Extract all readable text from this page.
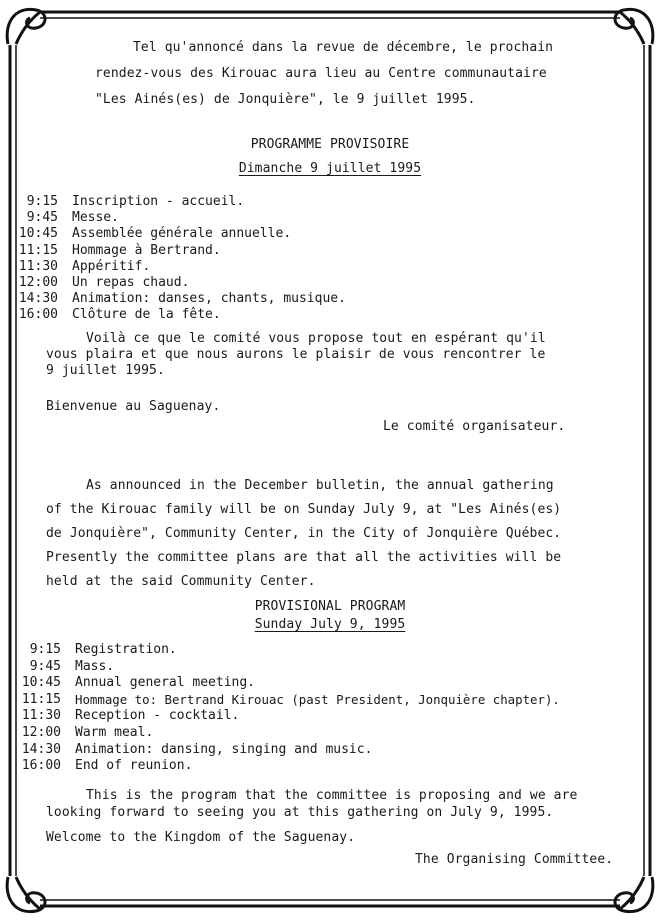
Tel qu'annoncé dans la revue de décembre, le prochain
rendez-vous des Kirouac aura lieu au Centre communautaire
"Les Ainés(es) de Jonquière", le 9 juillet 1995.
PROGRAMME PROVISOIRE
Dimanche 9 juillet 1995
9:15	Inscription - accueil.
9:45	Messe.
10:45	Assemblée générale annuelle.
11:15	Hommage à Bertrand.
11:30	Appéritif.
12:00	Un repas chaud.
14:30	Animation: danses, chants, musique.
16:00	Clôture de la fête.
Voilà ce que le comité vous propose tout en espérant qu'il
vous plaira et que nous aurons le plaisir de vous rencontrer le
9 juillet 1995.
Bienvenue au Saguenay.
Le comité organisateur.
As announced in the December bulletin, the annual gathering
of the Kirouac family will be on Sunday July 9, at "Les Ainés(es)
de Jonquière", Community Center, in the City of Jonquière Québec.
Presently the committee plans are that all the activities will be
held at the said Community Center.
PROVISIONAL PROGRAM
Sunday July 9, 1995
9:15	Registration.
9:45	Mass.
10:45	Annual general meeting.
11:15	Hommage to: Bertrand Kirouac (past President, Jonquière chapter).
11:30	Reception - cocktail.
12:00	Warm meal.
14:30	Animation: dansing, singing and music.
16:00	End of reunion.
This is the program that the committee is proposing and we are
looking forward to seeing you at this gathering on July 9, 1995.
Welcome to the Kingdom of the Saguenay.
The Organising Committee.
